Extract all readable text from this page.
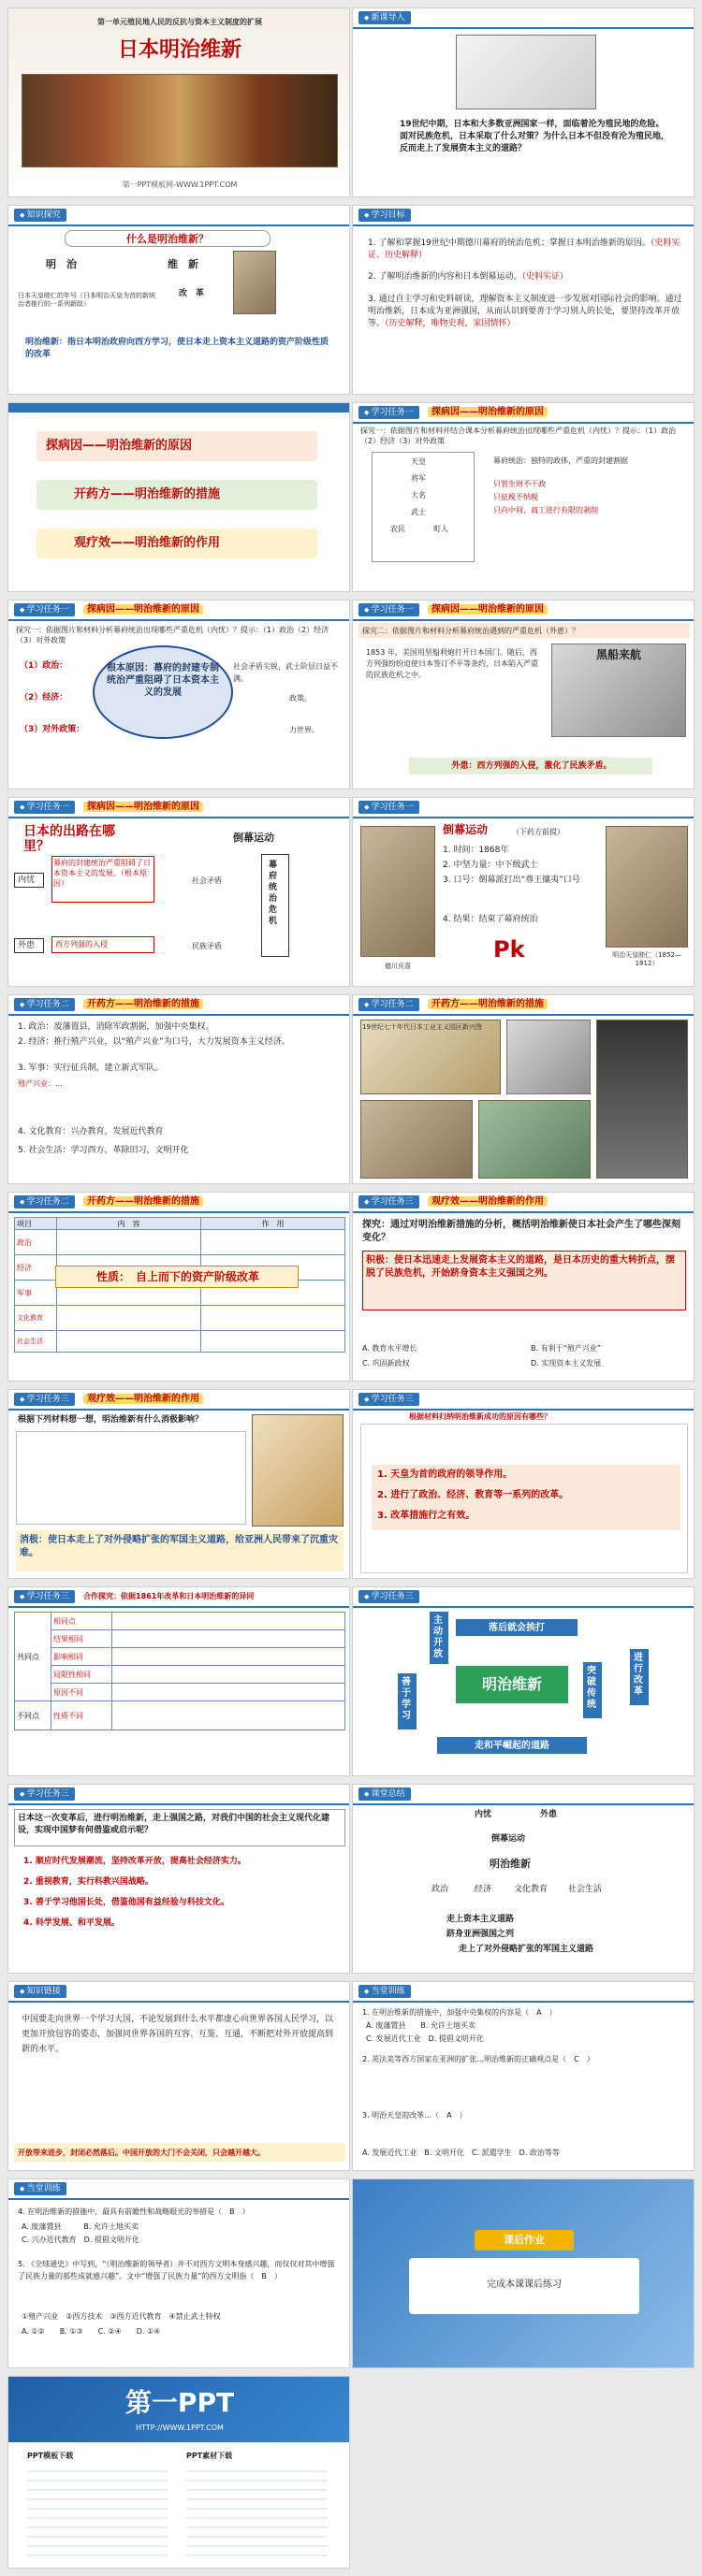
第一单元殖民地人民的反抗与资本主义制度的扩展
日本明治维新
第一PPT模板网-WWW.1PPT.COM
◆ 新课导入
19世纪中期，日本和大多数亚洲国家一样，面临着沦为殖民地的危险。面对民族危机，日本采取了什么对策？为什么日本不但没有沦为殖民地，反而走上了发展资本主义的道路？
◆ 知识探究
什么是明治维新？
明　治	维　新
改　革
日本天皇睦仁的年号（日本明治天皇为首的新统治者推行的一系列新政）
明治维新：指日本明治政府向西方学习，使日本走上资本主义道路的资产阶级性质的改革
◆ 学习目标
1. 了解和掌握19世纪中期德川幕府的统治危机；掌握日本明治维新的原因。（史料实证、历史解释）
2. 了解明治维新的内容和日本倒幕运动。（史料实证）
3. 通过自主学习和史料研读，理解资本主义制度进一步发展对国际社会的影响。通过明治维新，日本成为亚洲强国，从而认识到要善于学习别人的长处，要坚持改革开放等。（历史解释，唯物史观，家国情怀）
探病因——明治维新的原因
开药方——明治维新的措施
观疗效——明治维新的作用
◆ 学习任务一	探病因——明治维新的原因
探究一：依据图片和材料并结合课本分析幕府统治出现哪些严重危机（内忧）？提示：（1）政治（2）经济（3）对外政策
天皇
将军
大名
武士
农民	町人
幕府统治：独特的政体，严重的封建割据
只管生财不干政
只征税不纳税
只向中间、商工进行有限的剥削
◆ 学习任务一	探病因——明治维新的原因
探究一：依据图片和材料分析幕府统治出现哪些严重危机（内忧）？提示：（1）政治（2）经济（3）对外政策
（1）政治：	社会矛盾尖锐，武士阶层日益不满。
（2）经济：	政策。
（3）对外政策：	力世界。
根本原因：幕府的封建专制统治严重阻碍了日本资本主义的发展
◆ 学习任务一	探病因——明治维新的原因
探究二：依据图片和材料分析幕府统治遇到的严重危机（外患）？
1853 年，美国用坚船利炮打开日本国门。随后，西方列强纷纷迫使日本签订不平等条约，日本陷入严重的民族危机之中。
黑船来航
外患：西方列强的入侵，激化了民族矛盾。
◆ 学习任务一	探病因——明治维新的原因
日本的出路在哪里？
倒幕运动
内忧
外患
幕府的封建统治严重阻碍了日本资本主义的发展。（根本原因）
西方列强的入侵
社会矛盾
民族矛盾
幕府统治危机
◆ 学习任务一
德川庆喜
倒幕运动	（下药方前提）
1. 时间：1868年
2. 中坚力量：中下级武士
3. 口号：倒幕派打出“尊王攘夷”口号
4. 结果：结束了幕府统治
Pk	明治天皇睦仁（1852—1912）
◆ 学习任务二	开药方——明治维新的措施
1. 政治：废藩置县，消除军政割据，加强中央集权。
2. 经济：推行殖产兴业，以“殖产兴业”为口号，大力发展资本主义经济。
3. 军事：实行征兵制，建立新式军队。
殖产兴业：…
4. 文化教育：兴办教育，发展近代教育
5. 社会生活：学习西方，革除旧习，文明开化
◆ 学习任务二	开药方——明治维新的措施
19世纪七十年代日本工业主义园区新兴图
◆ 学习任务二	开药方——明治维新的措施
项目	内　容	作　用
政治		
经济		
军事		
文化教育		
社会生活		
性质：　自上而下的资产阶级改革
◆ 学习任务三	观疗效——明治维新的作用
探究：通过对明治维新措施的分析，概括明治维新使日本社会产生了哪些深刻变化？
积极：使日本迅速走上发展资本主义的道路，是日本历史的重大转折点，摆脱了民族危机，开始跻身资本主义强国之列。
A. 教育水平增长	B. 有利于“殖产兴业”
C. 巩固新政权	D. 实现资本主义发展
◆ 学习任务三	观疗效——明治维新的作用
根据下列材料想一想，明治维新有什么消极影响？
消极：使日本走上了对外侵略扩张的军国主义道路，给亚洲人民带来了沉重灾难。
◆ 学习任务三
根据材料归纳明治维新成功的原因有哪些？
1. 天皇为首的政府的领导作用。
2. 进行了政治、经济、教育等一系列的改革。
3. 改革措施行之有效。
◆ 学习任务三	合作探究：依据1861年改革和日本明治维新的异同
共同点	相同点	
	结果相同	
	影响相同	
	局限性相同	
	原因不同	
不同点	性质不同	
◆ 学习任务三
明治维新
主动开放
落后就会挨打
善于学习
突破传统
进行改革
走和平崛起的道路
◆ 学习任务三
日本这一次变革后，进行明治维新，走上强国之路，对我们中国的社会主义现代化建设，实现中国梦有何借鉴或启示呢？
1. 顺应时代发展潮流，坚持改革开放，提高社会经济实力。
2. 重视教育，实行科教兴国战略。
3. 善于学习他国长处，借鉴他国有益经验与科技文化。
4. 科学发展、和平发展。
◆ 课堂总结
内忧	外患
倒幕运动
明治维新
政治	经济	文化教育 社会生活
走上资本主义道路
跻身亚洲强国之列
走上了对外侵略扩张的军国主义道路
◆ 知识链接
中国要走向世界一个学习大国，不论发展到什么水平都虚心向世界各国人民学习，以更加开放包容的姿态，加强同世界各国的互容、互鉴、互通，不断把对外开放提高到新的水平。
开放带来进步，封闭必然落后。中国开放的大门不会关闭，只会越开越大。
◆ 当堂训练
1. 在明治维新的措施中，加强中央集权的内容是（　A　）
A. 废藩置县　　B. 允许土地买卖
C. 发展近代工业　D. 提倡文明开化
2. 英法美等西方国家在亚洲的扩张…明治维新的正确观点是（　C　）
3. 明治天皇的改革…（　A　）
A. 发展近代工业　B. 文明开化　C. 派遣学生　D. 政治等等
◆ 当堂训练
4. 在明治维新的措施中，最具有前瞻性和战略眼光的举措是（　B　）
A. 废藩置县　　　B. 允许土地买卖
C. 兴办近代教育　D. 提倡文明开化
5. 《全球通史》中写到，“（明治维新的领导者）并不对西方文明本身感兴趣，而仅仅对其中增强了民族力量的那些成就感兴趣”。文中“增强了民族力量”的西方文明指（　B　）
①殖产兴业　②西方技术　③西方近代教育　④禁止武士特权
A. ①②　　B. ①③　　C. ②④　　D. ①④
课后作业
完成本课课后练习
第一PPT
HTTP://WWW.1PPT.COM
PPT模板下载	PPT素材下载
